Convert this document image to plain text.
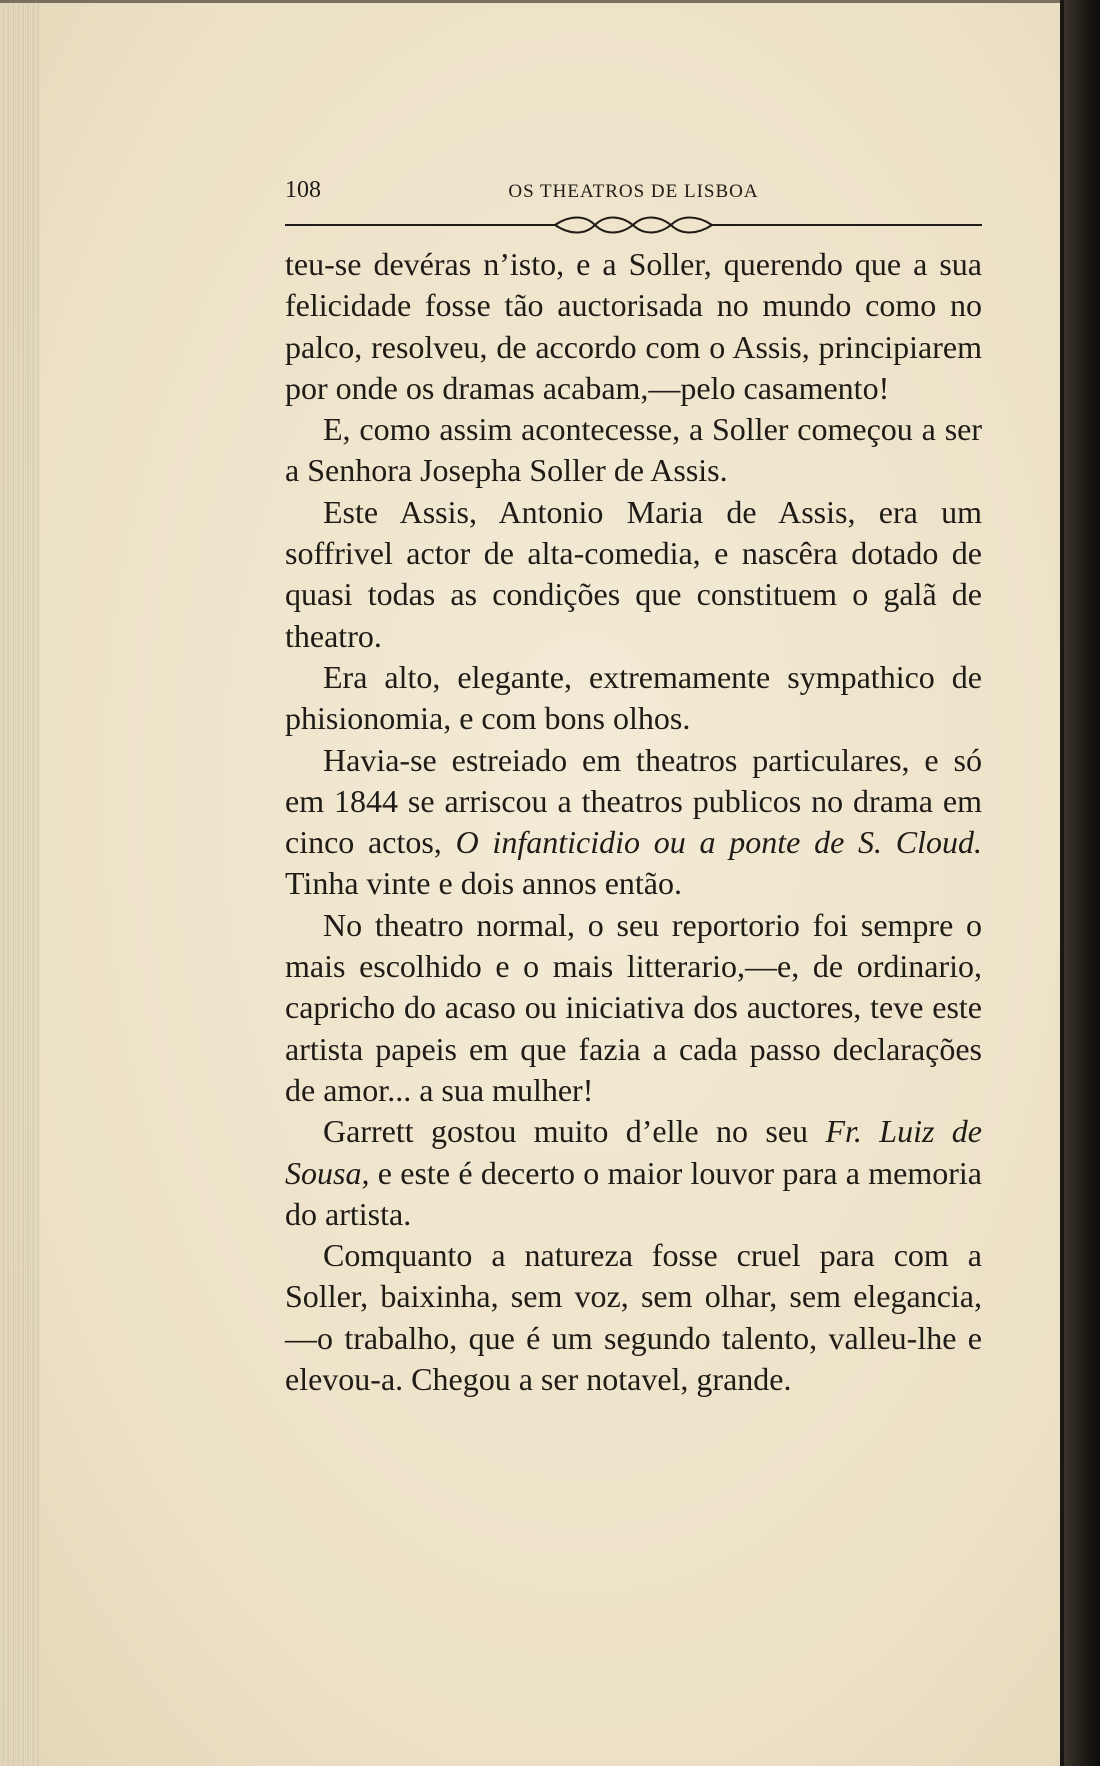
108	OS THEATROS DE LISBOA

teu-se devéras n’isto, e a Soller, querendo que a sua felicidade fosse tão auctorisada no mundo como no palco, resolveu, de accordo com o Assis, principiarem por onde os dramas acabam,—pelo casamento!

E, como assim acontecesse, a Soller começou a ser a Senhora Josepha Soller de Assis.

Este Assis, Antonio Maria de Assis, era um soffrivel actor de alta-comedia, e nascêra dotado de quasi todas as condições que constituem o galã de theatro.

Era alto, elegante, extremamente sympathico de phisionomia, e com bons olhos.

Havia-se estreiado em theatros particulares, e só em 1844 se arriscou a theatros publicos no drama em cinco actos, O infanticidio ou a ponte de S. Cloud. Tinha vinte e dois annos então.

No theatro normal, o seu reportorio foi sempre o mais escolhido e o mais litterario,—e, de ordinario, capricho do acaso ou iniciativa dos auctores, teve este artista papeis em que fazia a cada passo declarações de amor... a sua mulher!

Garrett gostou muito d’elle no seu Fr. Luiz de Sousa, e este é decerto o maior louvor para a memoria do artista.

Comquanto a natureza fosse cruel para com a Soller, baixinha, sem voz, sem olhar, sem elegancia,—o trabalho, que é um segundo talento, valleu-lhe e elevou-a. Chegou a ser notavel, grande.
